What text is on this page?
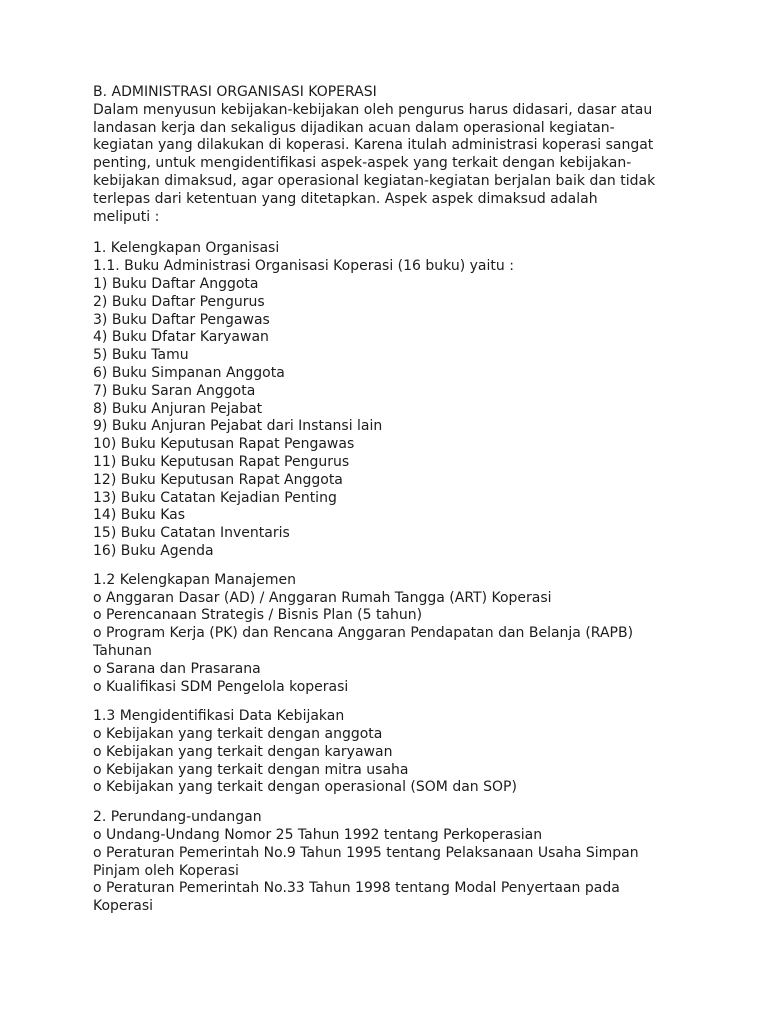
B. ADMINISTRASI ORGANISASI KOPERASI
Dalam menyusun kebijakan-kebijakan oleh pengurus harus didasari, dasar atau
landasan kerja dan sekaligus dijadikan acuan dalam operasional kegiatan-
kegiatan yang dilakukan di koperasi. Karena itulah administrasi koperasi sangat
penting, untuk mengidentifikasi aspek-aspek yang terkait dengan kebijakan-
kebijakan dimaksud, agar operasional kegiatan-kegiatan berjalan baik dan tidak
terlepas dari ketentuan yang ditetapkan. Aspek aspek dimaksud adalah
meliputi :
1. Kelengkapan Organisasi
1.1. Buku Administrasi Organisasi Koperasi (16 buku) yaitu :
1) Buku Daftar Anggota
2) Buku Daftar Pengurus
3) Buku Daftar Pengawas
4) Buku Dfatar Karyawan
5) Buku Tamu
6) Buku Simpanan Anggota
7) Buku Saran Anggota
8) Buku Anjuran Pejabat
9) Buku Anjuran Pejabat dari Instansi lain
10) Buku Keputusan Rapat Pengawas
11) Buku Keputusan Rapat Pengurus
12) Buku Keputusan Rapat Anggota
13) Buku Catatan Kejadian Penting
14) Buku Kas
15) Buku Catatan Inventaris
16) Buku Agenda
1.2 Kelengkapan Manajemen
o Anggaran Dasar (AD) / Anggaran Rumah Tangga (ART) Koperasi
o Perencanaan Strategis / Bisnis Plan (5 tahun)
o Program Kerja (PK) dan Rencana Anggaran Pendapatan dan Belanja (RAPB)
Tahunan
o Sarana dan Prasarana
o Kualifikasi SDM Pengelola koperasi
1.3 Mengidentifikasi Data Kebijakan
o Kebijakan yang terkait dengan anggota
o Kebijakan yang terkait dengan karyawan
o Kebijakan yang terkait dengan mitra usaha
o Kebijakan yang terkait dengan operasional (SOM dan SOP)
2. Perundang-undangan
o Undang-Undang Nomor 25 Tahun 1992 tentang Perkoperasian
o Peraturan Pemerintah No.9 Tahun 1995 tentang Pelaksanaan Usaha Simpan
Pinjam oleh Koperasi
o Peraturan Pemerintah No.33 Tahun 1998 tentang Modal Penyertaan pada
Koperasi
